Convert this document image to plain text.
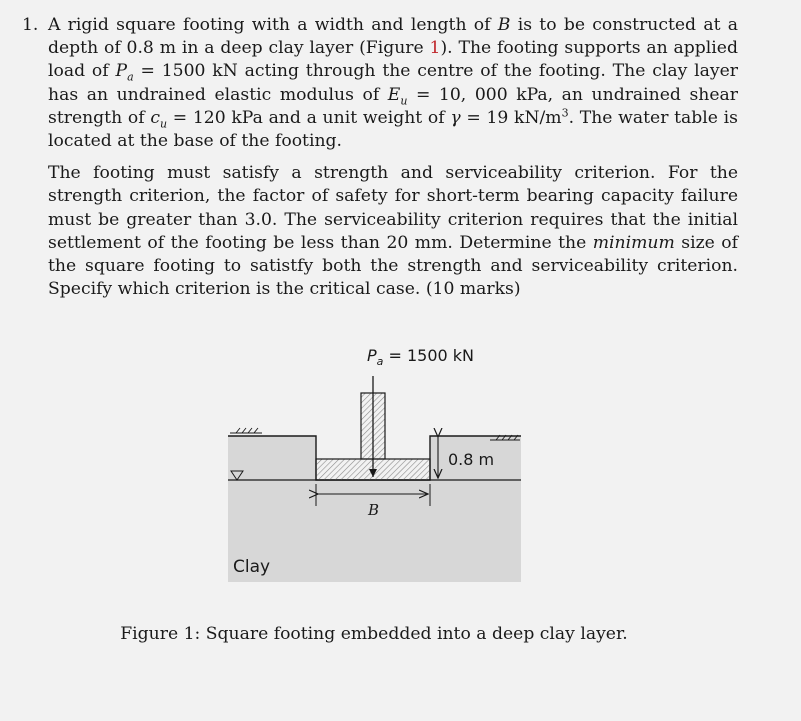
1. A rigid square footing with a width and length of B is to be constructed at a depth of 0.8 m in a deep clay layer (Figure 1). The footing supports an applied load of $P_a = 1500$ kN acting through the centre of the footing. The clay layer has an undrained elastic modulus of $E_u = 10$, 000 kPa, an undrained shear strength of $c_u = 120$ kPa and a unit weight of γ = 19 $kN/m^3$. The water table is located at the base of the footing.
The footing must satisfy a strength and serviceability criterion. For the strength criterion, the factor of safety for short-term bearing capacity failure must be greater than 3.0. The serviceability criterion requires that the initial settlement of the footing be less than 20 mm. Determine the minimum size of the square footing to satistfy both the strength and serviceability criterion. Specify which criterion is the critical case. (10 marks)
$P_a = 1500$ kN
0.8 m
B
Clay
Figure 1: Square footing embedded into a deep clay layer.
